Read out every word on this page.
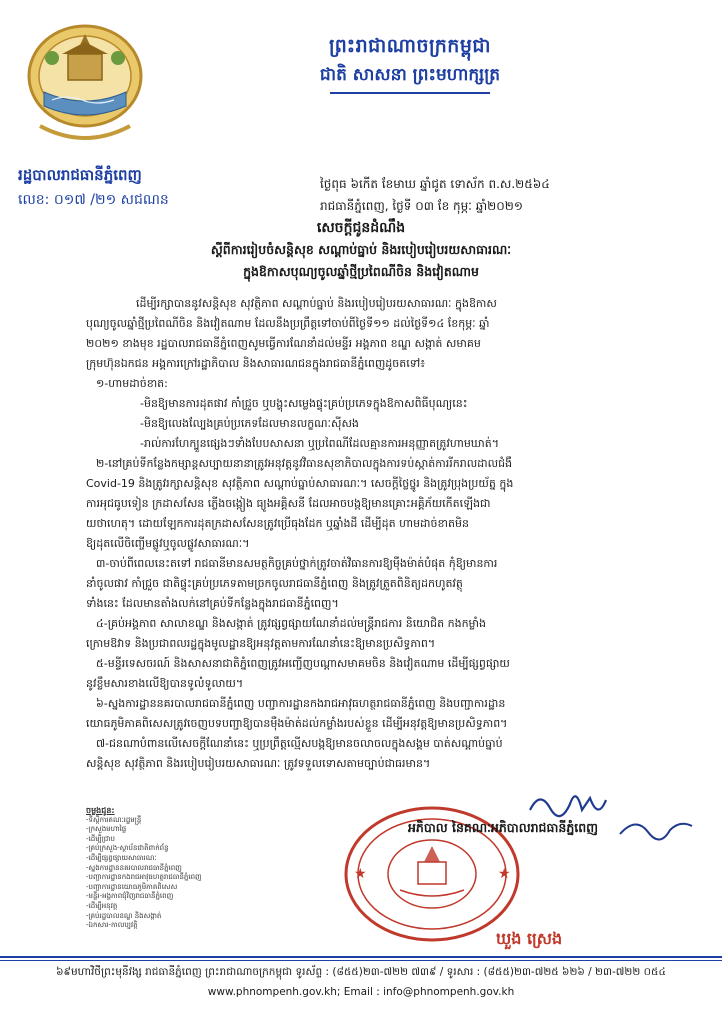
ព្រះរាជាណាចក្រកម្ពុជា
ជាតិ សាសនា ព្រះមហាក្សត្រ
រដ្ឋបាលរាជធានីភ្នំពេញ
លេខ: ០១៧ /២១ សជណន
ថ្ងៃពុធ ៦កើត ខែមាឃ ឆ្នាំជូត ទោស័ក ព.ស.២៥៦៤
រាជធានីភ្នំពេញ, ថ្ងៃទី ០៣ ខែ កុម្ភៈ ឆ្នាំ២០២១
សេចក្ដីជូនដំណឹង
ស្ដីពីការរៀបចំសន្តិសុខ សណ្ដាប់ធ្នាប់ និងរបៀបរៀបរយសាធារណៈ
ក្នុងឱកាសបុណ្យចូលឆ្នាំថ្មីប្រពៃណីចិន និងវៀតណាម

ដើម្បីរក្សាបាននូវសន្តិសុខ សុវត្ថិភាព សណ្ដាប់ធ្នាប់ និងរបៀបរៀបរយសាធារណៈ ក្នុងឱកាស

បុណ្យចូលឆ្នាំថ្មីប្រពៃណីចិន និងវៀតណាម ដែលនឹងប្រព្រឹត្តទៅចាប់ពីថ្ងៃទី១១ ដល់ថ្ងៃទី១៤ ខែកុម្ភៈ ឆ្នាំ

២០២១ ខាងមុខ រដ្ឋបាលរាជធានីភ្នំពេញសូមធ្វើការណែនាំដល់មន្ទីរ អង្គភាព ខណ្ឌ សង្កាត់ សមាគម

ក្រុមហ៊ុនឯកជន អង្គការក្រៅរដ្ឋាភិបាល និងសាធារណជនក្នុងរាជធានីភ្នំពេញដូចតទៅ៖

១-ហាមដាច់ខាត:

-មិនឱ្យមានការដុតផាវ កាំជ្រួច ឬបង្ហុះសម្លេងផ្ទុះគ្រប់ប្រភេទក្នុងឱកាសពិធីបុណ្យនេះ

-មិនឱ្យលេងល្បែងគ្រប់ប្រភេទដែលមានលក្ខណៈស៊ីសង

-រាល់ការហែក្បួនផ្សេងៗទាំងបែបសាសនា ឬប្រពៃណីដែលគ្មានការអនុញ្ញាតត្រូវហាមឃាត់។

២-នៅគ្រប់ទីកន្លែងកម្សាន្តសប្បាយនានាត្រូវអនុវត្តនូវវិធានសុខាភិបាលក្នុងការទប់ស្កាត់ការរីករាលដាលជំងឺ

Covid-19 និងត្រូវរក្សាសន្តិសុខ សុវត្ថិភាព សណ្ដាប់ធ្នាប់សាធារណៈ។ សេចក្ដីថ្លៃថ្នូរ និងត្រូវប្រុងប្រយ័ត្ន ក្នុង

ការអុជធូបទៀន ក្រដាសសែន ភ្លើងចង្កៀង ធ្យូងអគ្គិសនី ដែលអាចបង្កឱ្យមានគ្រោះអគ្គិភ័យកើតឡើងជា

យថាហេតុ។ ដោយឡែកការដុតក្រដាសសែនត្រូវប្រើធុងដែក ឬឆ្នាំងដី ដើម្បីដុត ហាមដាច់ខាតមិន

ឱ្យដុតលើចិញ្ចើមផ្លូវឬចូលផ្លូវសាធារណៈ។

៣-ចាប់ពីពេលនេះតទៅ រាជធានីមានសមត្ថកិច្ចគ្រប់ថ្នាក់ត្រូវចាត់វិធានការឱ្យម៉ឺងម៉ាត់បំផុត កុំឱ្យមានការ

នាំចូលផាវ កាំជ្រួច ជាតិផ្ទុះគ្រប់ប្រភេទតាមច្រកចូលរាជធានីភ្នំពេញ និងត្រូវត្រួតពិនិត្យដកហូតវត្ថុ

ទាំងនេះ ដែលមានតាំងលក់នៅគ្រប់ទីកន្លែងក្នុងរាជធានីភ្នំពេញ។

៤-គ្រប់អង្គភាព សាលាខណ្ឌ និងសង្កាត់ ត្រូវផ្សព្វផ្សាយណែនាំដល់មន្ត្រីរាជការ និយោជិត កងកម្លាំង

ក្រោមឱវាទ និងប្រជាពលរដ្ឋក្នុងមូលដ្ឋានឱ្យអនុវត្តតាមការណែនាំនេះឱ្យមានប្រសិទ្ធភាព។

៥-មន្ទីរទេសចរណ៍ និងសាសនាជាតិភ្នំពេញត្រូវអញ្ជើញបណ្ដាសមាគមចិន និងវៀតណាម ដើម្បីផ្សព្វផ្សាយ

នូវខ្លឹមសារខាងលើឱ្យបានទូលំទូលាយ។

៦-ស្នងការដ្ឋាននគរបាលរាជធានីភ្នំពេញ បញ្ជាការដ្ឋានកងរាជអាវុធហត្ថរាជធានីភ្នំពេញ និងបញ្ជាការដ្ឋាន

យោធភូមិភាគពិសេសត្រូវចេញបទបញ្ជាឱ្យបានម៉ឺងម៉ាត់ដល់កម្លាំងរបស់ខ្លួន ដើម្បីអនុវត្តឱ្យមានប្រសិទ្ធភាព។

៧-ជនណាបំពានលើសេចក្ដីណែនាំនេះ ឬប្រព្រឹត្តល្មើសបង្កឱ្យមានចលាចលក្នុងសង្គម បាត់សណ្ដាប់ធ្នាប់

សន្តិសុខ សុវត្ថិភាព និងរបៀបរៀបរយសាធារណៈ ត្រូវទទួលទោសតាមច្បាប់ជាធរមាន។

ចម្លងជូន:
-ទីស្ដីការគណៈរដ្ឋមន្ត្រី
-ក្រសួងមហាផ្ទៃ
-ដើម្បីជ្រាប
-គ្រប់ក្រសួង-ស្ថាប័នជាតិពាក់ព័ន្ធ
-ដើម្បីផ្សព្វផ្សាយសាធារណៈ
-ស្នងការដ្ឋាននគរបាលរាជធានីភ្នំពេញ
-បញ្ជាការដ្ឋានកងរាជអាវុធហត្ថរាជធានីភ្នំពេញ
-បញ្ជាការដ្ឋានយោធភូមិភាគពិសេស
-មន្ទីរ-អង្គភាពជុំវិញរាជធានីភ្នំពេញ
-ដើម្បីអនុវត្ត
-គ្រប់រដ្ឋបាលខណ្ឌ និងសង្កាត់
-ឯកសារ-កាលប្បវត្តិ
★	★
អភិបាល នៃគណៈអភិបាលរាជធានីភ្នំពេញ
ឃួង ស្រេង
៦៩មហាវិថីព្រះមុនីវង្ស រាជធានីភ្នំពេញ ព្រះរាជាណាចក្រកម្ពុជា ទូរស័ព្ទ : (៨៥៥)២៣-៧២២ ៧៣៩ / ទូរសារ : (៨៥៥)២៣-៧២៥ ៦២៦ / ២៣-៧២២ ០៥៤
www.phnompenh.gov.kh; Email : info@phnompenh.gov.kh
